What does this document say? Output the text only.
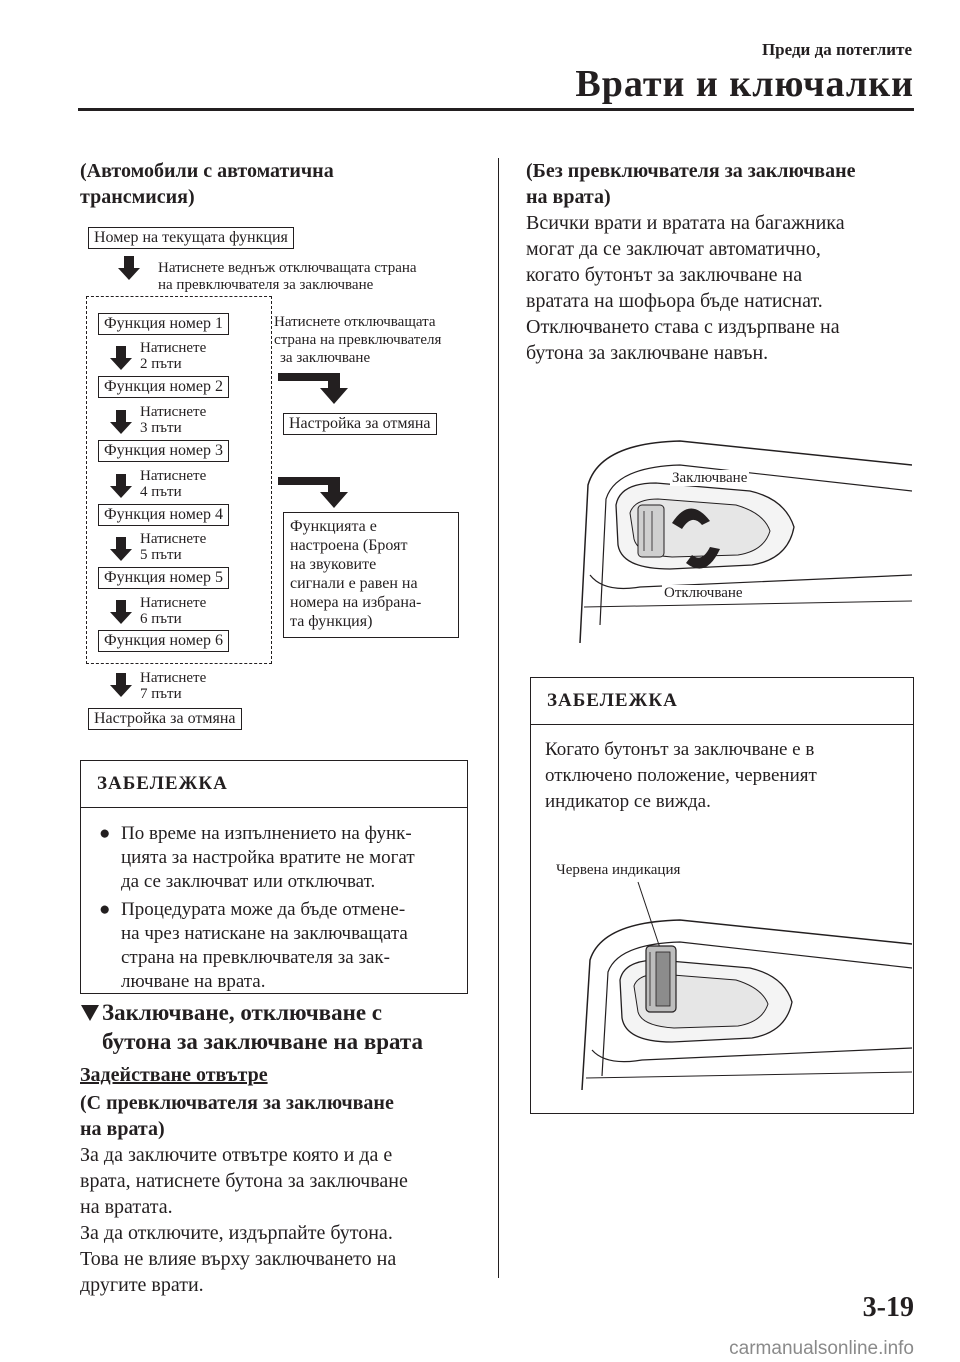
Преди да потеглите
Врати и ключалки
(Автомобили с автоматична трансмисия)
Номер на текущата функция
Натиснете веднъж отключващата страна
на превключвателя за заключване
Функция номер 1
Натиснете
2 пъти
Функция номер 2
Натиснете
3 пъти
Функция номер 3
Натиснете
4 пъти
Функция номер 4
Натиснете
5 пъти
Функция номер 5
Натиснете
6 пъти
Функция номер 6
Натиснете
7 пъти
Настройка за отмяна
Натиснете отключващата
страна на превключвателя
за заключване
Настройка за отмяна
Функцията е
настроена (Броят
на звуковите
сигнали е равен на
номера на избрана-
та функция)
ЗАБЕЛЕЖКА
● По време на изпълнението на функ-
цията за настройка вратите не могат
да се заключват или отключват.
● Процедурата може да бъде отмене-
на чрез натискане на заключващата
страна на превключвателя за зак-
лючване на врата.
Заключване, отключване с
бутона за заключване на врата
Задействане отвътре
(С превключвателя за заключване
на врата)
За да заключите отвътре която и да е
врата, натиснете бутона за заключване
на вратата.
За да отключите, издърпайте бутона.
Това не влияе върху заключването на
другите врати.
(Без превключвателя за заключване
на врата)
Всички врати и вратата на багажника
могат да се заключат автоматично,
когато бутонът за заключване на
вратата на шофьора бъде натиснат.
Отключването става с издърпване на
бутона за заключване навън.
Заключване
Отключване
ЗАБЕЛЕЖКА
Когато бутонът за заключване е в
отключено положение, червеният
индикатор се вижда.
Червена индикация
3-19
carmanualsonline.info
